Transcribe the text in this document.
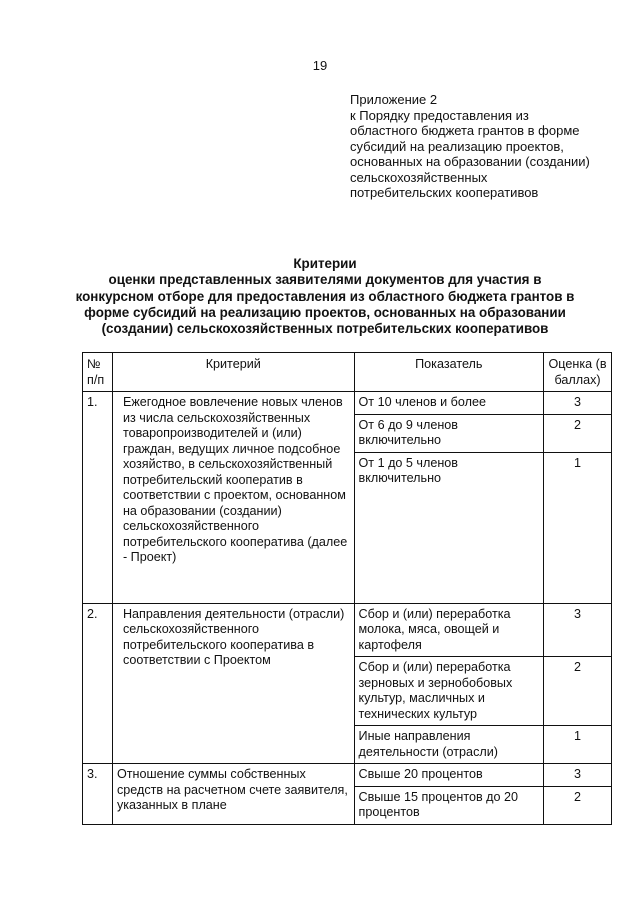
19
Приложение 2
к Порядку предоставления из
областного бюджета грантов в форме
субсидий на реализацию проектов,
основанных на образовании (создании)
сельскохозяйственных
потребительских кооперативов
Критерии
оценки представленных заявителями документов для участия в
конкурсном отборе для предоставления из областного бюджета грантов в
форме субсидий на реализацию проектов, основанных на образовании
(создании) сельскохозяйственных потребительских кооперативов
№ п/п	Критерий	Показатель	Оценка (в баллах)
1.	Ежегодное вовлечение новых членов из числа сельскохозяйственных товаропроизводителей и (или) граждан, ведущих личное подсобное хозяйство, в сельскохозяйственный потребительский кооператив в соответствии с проектом, основанном на образовании (создании) сельскохозяйственного потребительского кооператива (далее - Проект)	От 10 членов и более	3
		От 6 до 9 членов включительно	2
		От 1 до 5 членов включительно	1
2.	Направления деятельности (отрасли) сельскохозяйственного потребительского кооператива в соответствии с Проектом	Сбор и (или) переработка молока, мяса, овощей и картофеля	3
		Сбор и (или) переработка зерновых и зернобобовых культур, масличных и технических культур	2
		Иные направления деятельности (отрасли)	1
3.	Отношение суммы собственных средств на расчетном счете заявителя, указанных в плане	Свыше 20 процентов	3
		Свыше 15 процентов до 20 процентов	2
